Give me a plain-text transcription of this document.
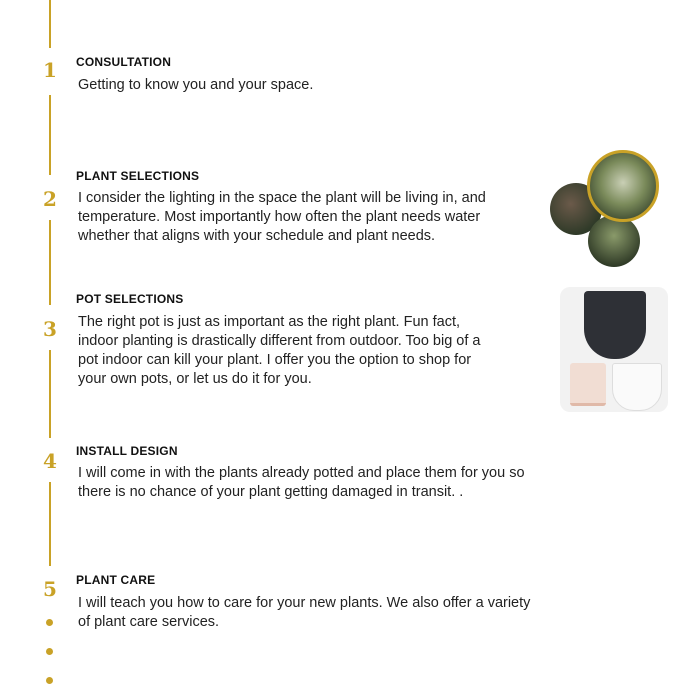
1
2
3
4
5
CONSULTATION
Getting to know you and your space.
PLANT SELECTIONS
I consider the lighting in the space the plant will be living in, and temperature. Most importantly how often the plant needs water whether that aligns with your schedule and plant needs.
POT SELECTIONS
The right pot is just as important as the right plant. Fun fact, indoor planting is drastically different from outdoor. Too big of a pot indoor can kill your plant. I offer you the option to shop for your own pots, or let us do it for you.
INSTALL DESIGN
I will come in with the plants already potted and place them for you so there is no chance of your plant getting damaged in transit. .
PLANT CARE
I will teach you how to care for your new plants. We also offer a variety of plant care services.
